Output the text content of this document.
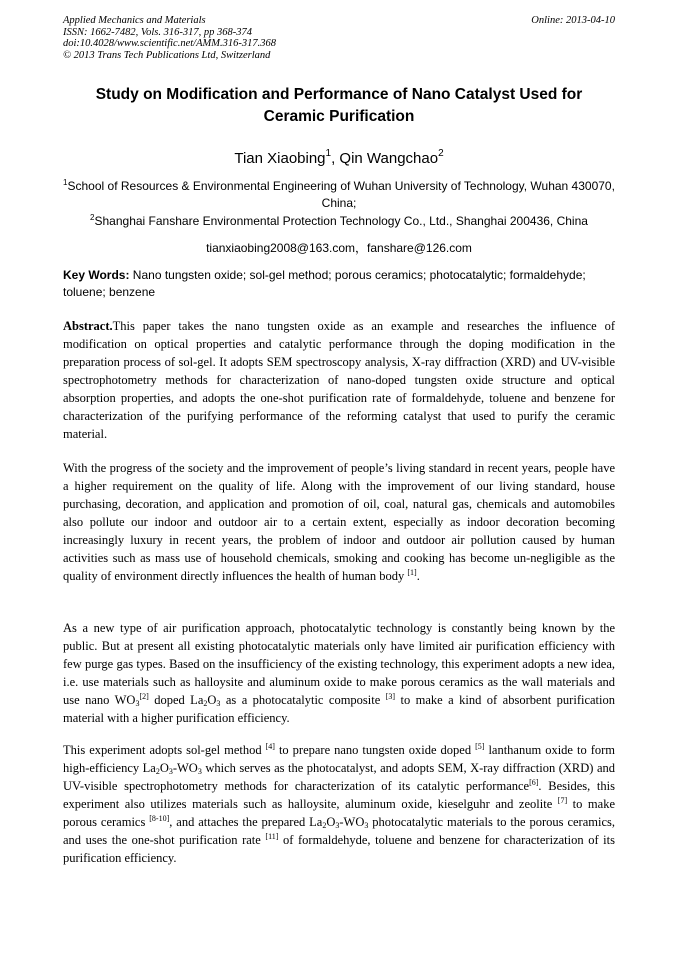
Applied Mechanics and Materials
ISSN: 1662-7482, Vols. 316-317, pp 368-374
doi:10.4028/www.scientific.net/AMM.316-317.368
© 2013 Trans Tech Publications Ltd, Switzerland
Online: 2013-04-10
Study on Modification and Performance of Nano Catalyst Used for Ceramic Purification
Tian Xiaobing$^1$, Qin Wangchao$^2$
$^1$School of Resources & Environmental Engineering of Wuhan University of Technology, Wuhan 430070, China;
$^2$Shanghai Fanshare Environmental Protection Technology Co., Ltd., Shanghai 200436, China
tianxiaobing2008@163.com，fanshare@126.com
Key Words: Nano tungsten oxide; sol-gel method; porous ceramics; photocatalytic; formaldehyde; toluene; benzene
Abstract.This paper takes the nano tungsten oxide as an example and researches the influence of modification on optical properties and catalytic performance through the doping modification in the preparation process of sol-gel. It adopts SEM spectroscopy analysis, X-ray diffraction (XRD) and UV-visible spectrophotometry methods for characterization of nano-doped tungsten oxide structure and optical absorption properties, and adopts the one-shot purification rate of formaldehyde, toluene and benzene for characterization of the purifying performance of the reforming catalyst that used to purify the ceramic material.
With the progress of the society and the improvement of people’s living standard in recent years, people have a higher requirement on the quality of life. Along with the improvement of our living standard, house purchasing, decoration, and application and promotion of oil, coal, natural gas, chemicals and automobiles also pollute our indoor and outdoor air to a certain extent, especially as indoor decoration becoming increasingly luxury in recent years, the problem of indoor and outdoor air pollution caused by human activities such as mass use of household chemicals, smoking and cooking has become un-negligible as the quality of environment directly influences the health of human body [1].
As a new type of air purification approach, photocatalytic technology is constantly being known by the public. But at present all existing photocatalytic materials only have limited air purification efficiency with few purge gas types. Based on the insufficiency of the existing technology, this experiment adopts a new idea, i.e. use materials such as halloysite and aluminum oxide to make porous ceramics as the wall materials and use nano $WO_3[2]$ doped $La_2O_3$ as a photocatalytic composite [3] to make a kind of absorbent purification material with a higher purification efficiency.
This experiment adopts sol-gel method [4] to prepare nano tungsten oxide doped [5] lanthanum oxide to form high-efficiency $La_2O_3-WO_3$ which serves as the photocatalyst, and adopts SEM, X-ray diffraction (XRD) and UV-visible spectrophotometry methods for characterization of its catalytic performance[6]. Besides, this experiment also utilizes materials such as halloysite, aluminum oxide, kieselguhr and zeolite [7] to make porous ceramics [8-10], and attaches the prepared $La_2O_3-WO_3$ photocatalytic materials to the porous ceramics, and uses the one-shot purification rate [11] of formaldehyde, toluene and benzene for characterization of its purification efficiency.
